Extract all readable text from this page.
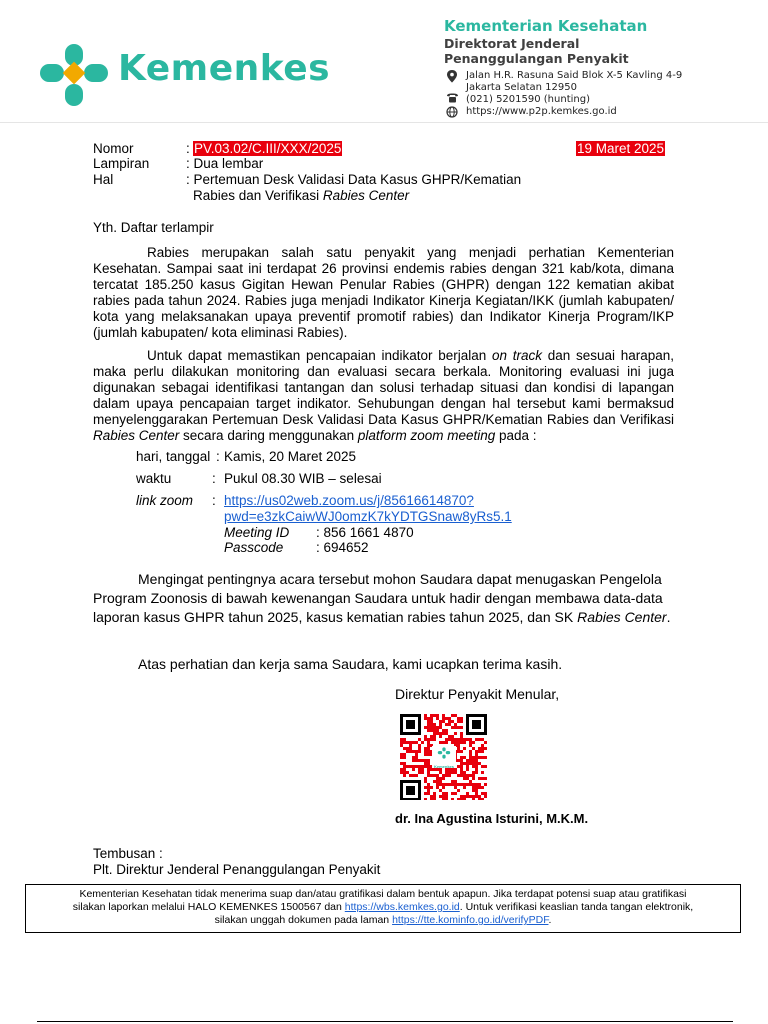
Kemenkes
Kementerian Kesehatan
Direktorat Jenderal
Penanggulangan Penyakit
Jalan H.R. Rasuna Said Blok X-5 Kavling 4-9
Jakarta Selatan 12950
(021) 5201590 (hunting)
https://www.p2p.kemkes.go.id
Nomor	: PV.03.02/C.III/XXX/2025	19 Maret 2025
Lampiran	: Dua lembar
Hal	: Pertemuan Desk Validasi Data Kasus GHPR/Kematian
Rabies dan Verifikasi Rabies Center
Yth. Daftar terlampir
Rabies merupakan salah satu penyakit yang menjadi perhatian Kementerian Kesehatan. Sampai saat ini terdapat 26 provinsi endemis rabies dengan 321 kab/kota, dimana tercatat 185.250 kasus Gigitan Hewan Penular Rabies (GHPR) dengan 122 kematian akibat rabies pada tahun 2024. Rabies juga menjadi Indikator Kinerja Kegiatan/IKK (jumlah kabupaten/ kota yang melaksanakan upaya preventif promotif rabies) dan Indikator Kinerja Program/IKP (jumlah kabupaten/ kota eliminasi Rabies).
Untuk dapat memastikan pencapaian indikator berjalan on track dan sesuai harapan, maka perlu dilakukan monitoring dan evaluasi secara berkala. Monitoring evaluasi ini juga digunakan sebagai identifikasi tantangan dan solusi terhadap situasi dan kondisi di lapangan dalam upaya pencapaian target indikator. Sehubungan dengan hal tersebut kami bermaksud menyelenggarakan Pertemuan Desk Validasi Data Kasus GHPR/Kematian Rabies dan Verifikasi Rabies Center secara daring menggunakan platform zoom meeting pada :
hari, tanggal : Kamis, 20 Maret 2025
waktu	: Pukul 08.30 WIB – selesai
link zoom : https://us02web.zoom.us/j/85616614870?
pwd=e3zkCaiwWJ0omzK7kYDTGSnaw8yRs5.1
Meeting ID : 856 1661 4870
Passcode : 694652
Mengingat pentingnya acara tersebut mohon Saudara dapat menugaskan Pengelola Program Zoonosis di bawah kewenangan Saudara untuk hadir dengan membawa data-data laporan kasus GHPR tahun 2025, kasus kematian rabies tahun 2025, dan SK Rabies Center.
Atas perhatian dan kerja sama Saudara, kami ucapkan terima kasih.
Direktur Penyakit Menular,
Kemenkes
dr. Ina Agustina Isturini, M.K.M.
Tembusan :
Plt. Direktur Jenderal Penanggulangan Penyakit
Kementerian Kesehatan tidak menerima suap dan/atau gratifikasi dalam bentuk apapun. Jika terdapat potensi suap atau gratifikasi
silakan laporkan melalui HALO KEMENKES 1500567 dan https://wbs.kemkes.go.id. Untuk verifikasi keaslian tanda tangan elektronik,
silakan unggah dokumen pada laman https://tte.kominfo.go.id/verifyPDF.
